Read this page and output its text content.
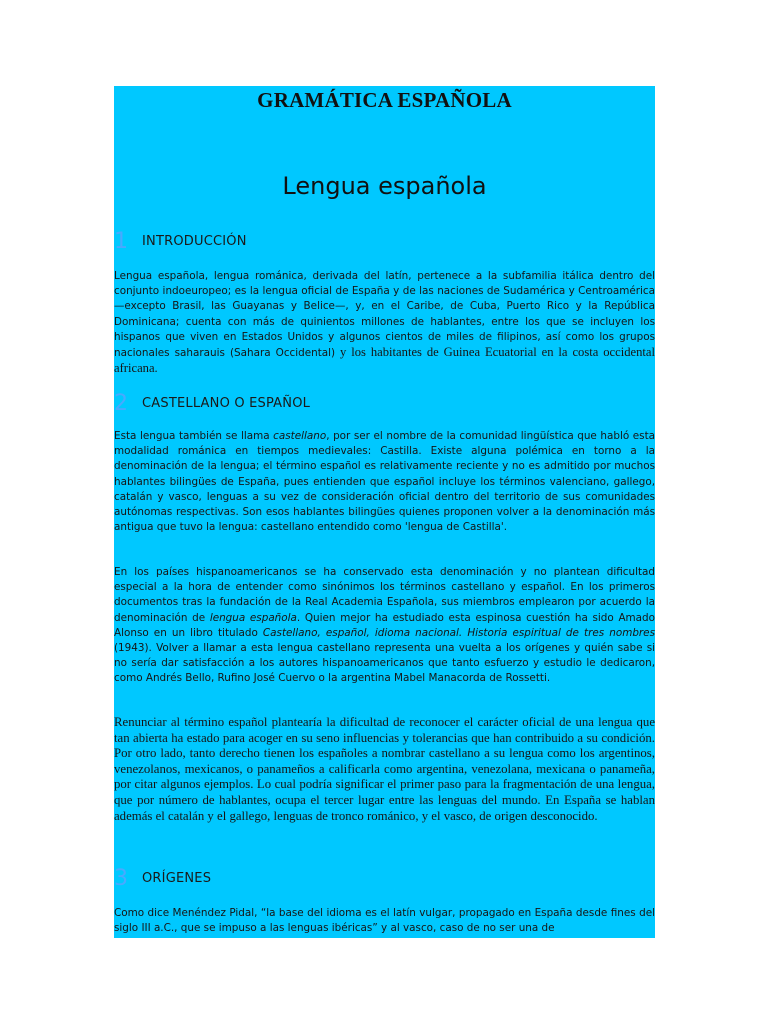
GRAMÁTICA ESPAÑOLA
Lengua española
1	INTRODUCCIÓN

Lengua española, lengua románica, derivada del latín, pertenece a la subfamilia itálica dentro del conjunto indoeuropeo; es la lengua oficial de España y de las naciones de Sudamérica y Centroamérica —excepto Brasil, las Guayanas y Belice—, y, en el Caribe, de Cuba, Puerto Rico y la República Dominicana; cuenta con más de quinientos millones de hablantes, entre los que se incluyen los hispanos que viven en Estados Unidos y algunos cientos de miles de filipinos, así como los grupos nacionales saharauis (Sahara Occidental) y los habitantes de Guinea Ecuatorial en la costa occidental africana.

2	CASTELLANO O ESPAÑOL

Esta lengua también se llama castellano, por ser el nombre de la comunidad lingüística que habló esta modalidad románica en tiempos medievales: Castilla. Existe alguna polémica en torno a la denominación de la lengua; el término español es relativamente reciente y no es admitido por muchos hablantes bilingües de España, pues entienden que español incluye los términos valenciano, gallego, catalán y vasco, lenguas a su vez de consideración oficial dentro del territorio de sus comunidades autónomas respectivas. Son esos hablantes bilingües quienes proponen volver a la denominación más antigua que tuvo la lengua: castellano entendido como 'lengua de Castilla'.

En los países hispanoamericanos se ha conservado esta denominación y no plantean dificultad especial a la hora de entender como sinónimos los términos castellano y español. En los primeros documentos tras la fundación de la Real Academia Española, sus miembros emplearon por acuerdo la denominación de lengua española. Quien mejor ha estudiado esta espinosa cuestión ha sido Amado Alonso en un libro titulado Castellano, español, idioma nacional. Historia espiritual de tres nombres (1943). Volver a llamar a esta lengua castellano representa una vuelta a los orígenes y quién sabe si no sería dar satisfacción a los autores hispanoamericanos que tanto esfuerzo y estudio le dedicaron, como Andrés Bello, Rufino José Cuervo o la argentina Mabel Manacorda de Rossetti.

Renunciar al término español plantearía la dificultad de reconocer el carácter oficial de una lengua que tan abierta ha estado para acoger en su seno influencias y tolerancias que han contribuido a su condición. Por otro lado, tanto derecho tienen los españoles a nombrar castellano a su lengua como los argentinos, venezolanos, mexicanos, o panameños a calificarla como argentina, venezolana, mexicana o panameña, por citar algunos ejemplos. Lo cual podría significar el primer paso para la fragmentación de una lengua, que por número de hablantes, ocupa el tercer lugar entre las lenguas del mundo. En España se hablan además el catalán y el gallego, lenguas de tronco románico, y el vasco, de origen desconocido.

3	ORÍGENES

Como dice Menéndez Pidal, “la base del idioma es el latín vulgar, propagado en España desde fines del siglo III a.C., que se impuso a las lenguas ibéricas” y al vasco, caso de no ser una de
